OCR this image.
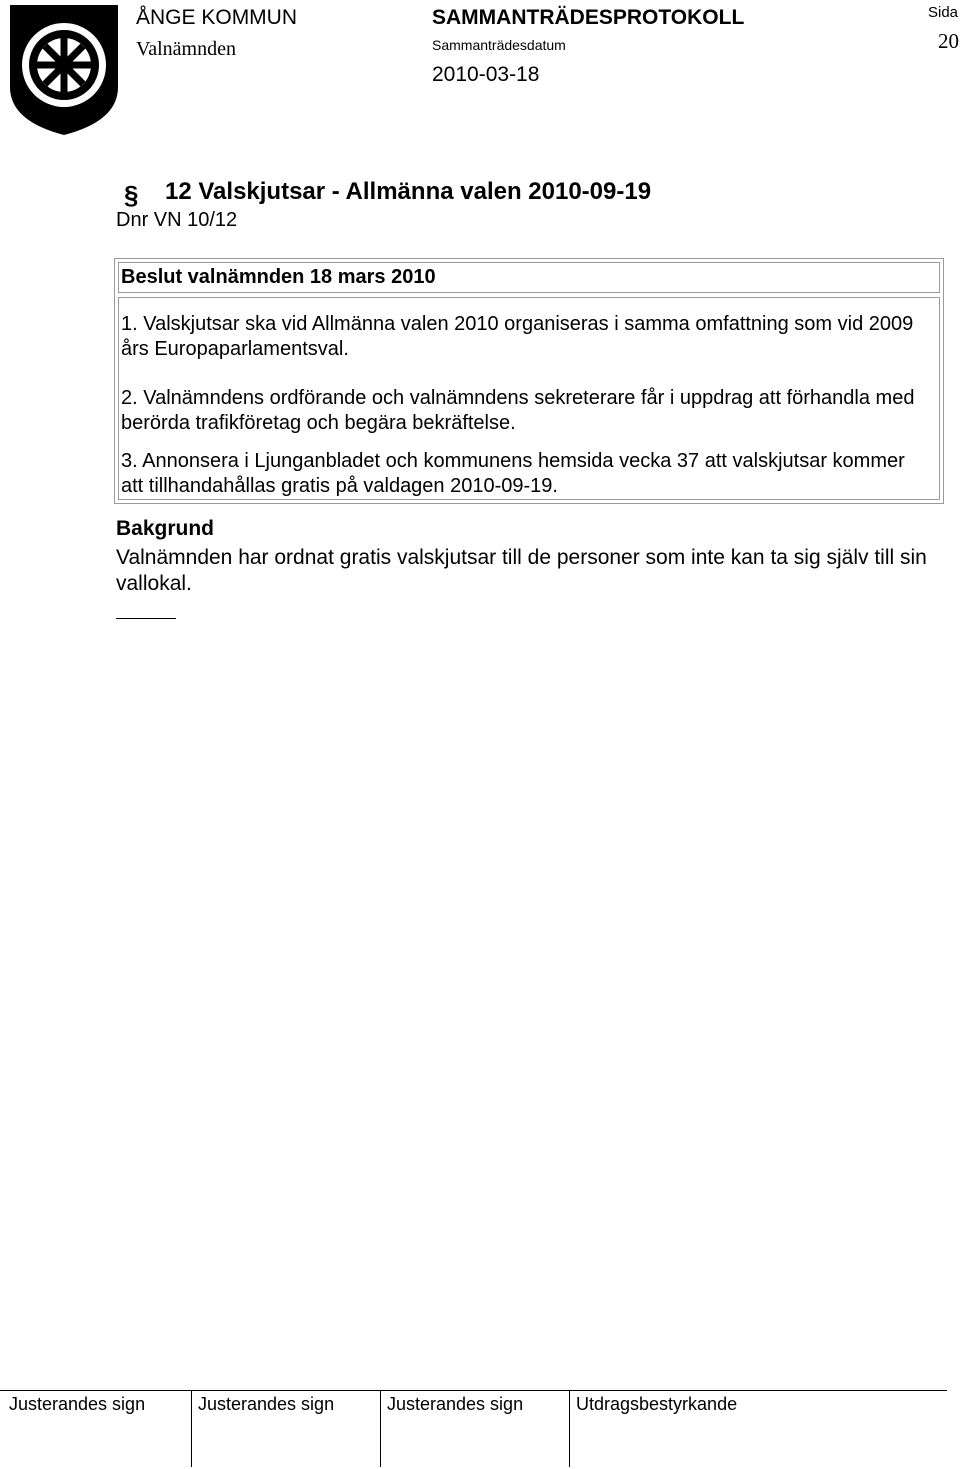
ÅNGE KOMMUN
Valnämnden
SAMMANTRÄDESPROTOKOLL
Sammanträdesdatum
2010-03-18
Sida
20
§ 12 Valskjutsar - Allmänna valen 2010-09-19
Dnr VN 10/12
Beslut valnämnden 18 mars 2010
1. Valskjutsar ska vid Allmänna valen 2010 organiseras i samma omfattning som vid 2009 års Europaparlamentsval.
2. Valnämndens ordförande och valnämndens sekreterare får i uppdrag att förhandla med berörda trafikföretag och begära bekräftelse.
3. Annonsera i Ljunganbladet och kommunens hemsida vecka 37 att valskjutsar kommer att tillhandahållas gratis på valdagen 2010-09-19.
Bakgrund
Valnämnden har ordnat gratis valskjutsar till de personer som inte kan ta sig själv till sin vallokal.
Justerandes sign	Justerandes sign	Justerandes sign	Utdragsbestyrkande
